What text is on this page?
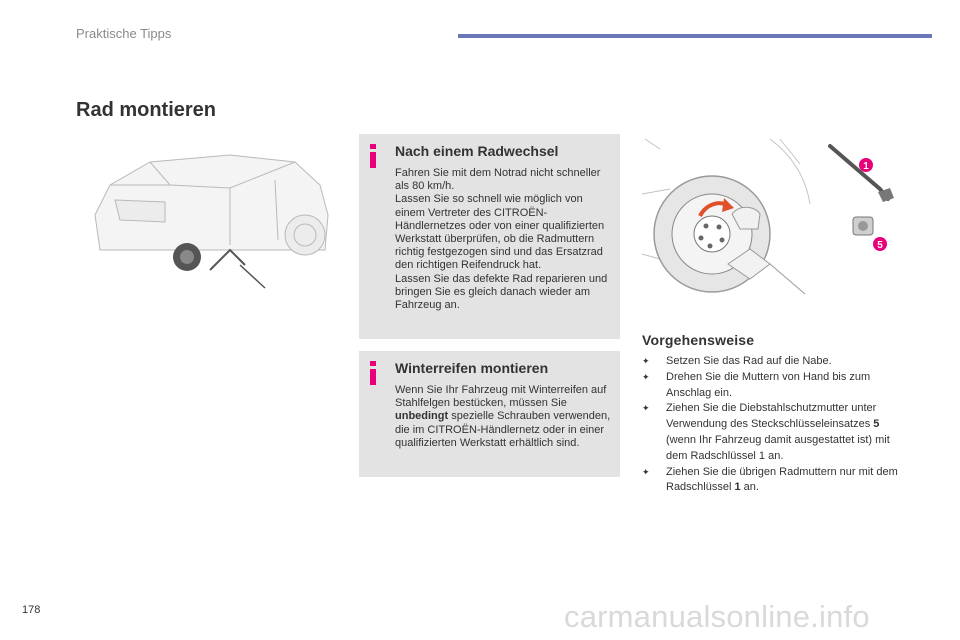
Praktische Tipps
Rad montieren
Nach einem Radwechsel
Fahren Sie mit dem Notrad nicht schneller als 80 km/h.
Lassen Sie so schnell wie möglich von einem Vertreter des CITROËN-Händlernetzes oder von einer qualifizierten Werkstatt überprüfen, ob die Radmuttern richtig festgezogen sind und das Ersatzrad den richtigen Reifendruck hat.
Lassen Sie das defekte Rad reparieren und bringen Sie es gleich danach wieder am Fahrzeug an.
Winterreifen montieren
Wenn Sie Ihr Fahrzeug mit Winterreifen auf Stahlfelgen bestücken, müssen Sie unbedingt spezielle Schrauben verwenden, die im CITROËN-Händlernetz oder in einer qualifizierten Werkstatt erhältlich sind.
1
5
Vorgehensweise
✦ Setzen Sie das Rad auf die Nabe.
✦ Drehen Sie die Muttern von Hand bis zum Anschlag ein.
✦ Ziehen Sie die Diebstahlschutzmutter unter Verwendung des Steckschlüsseleinsatzes 5 (wenn Ihr Fahrzeug damit ausgestattet ist) mit dem Radschlüssel 1 an.
✦ Ziehen Sie die übrigen Radmuttern nur mit dem Radschlüssel 1 an.
178	carmanualsonline.info
